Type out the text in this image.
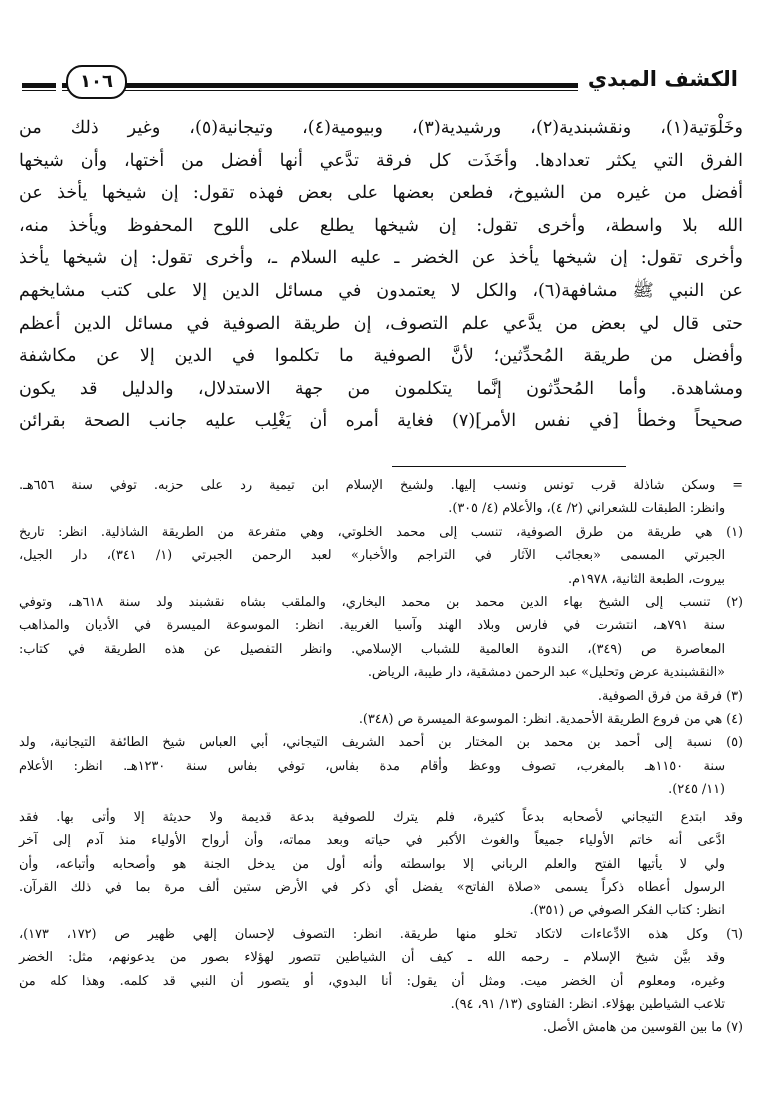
الكشف المبدي
١٠٦

وخَلْوَتية(١)، ونقشبندية(٢)، ورشيدية(٣)، وبيومية(٤)، وتيجانية(٥)، وغير ذلك من

الفرق التي يكثر تعدادها. وأخَذَت كل فرقة تدَّعي أنها أفضل من أختها، وأن شيخها

أفضل من غيره من الشيوخ، فطعن بعضها على بعض فهذه تقول: إن شيخها يأخذ عن

الله بلا واسطة، وأخرى تقول: إن شيخها يطلع على اللوح المحفوظ ويأخذ منه،

وأخرى تقول: إن شيخها يأخذ عن الخضر ـ عليه السلام ـ، وأخرى تقول: إن شيخها يأخذ

عن النبي ﷺ مشافهة(٦)، والكل لا يعتمدون في مسائل الدين إلا على كتب مشايخهم

حتى قال لي بعض من يدَّعي علم التصوف، إن طريقة الصوفية في مسائل الدين أعظم

وأفضل من طريقة المُحدِّثين؛ لأنَّ الصوفية ما تكلموا في الدين إلا عن مكاشفة

ومشاهدة. وأما المُحدِّثون إنَّما يتكلمون من جهة الاستدلال، والدليل قد يكون

صحيحاً وخطأ [في نفس الأمر](٧) فغاية أمره أن يَغْلِب عليه جانب الصحة بقرائن

= وسكن شاذلة قرب تونس ونسب إليها. ولشيخ الإسلام ابن تيمية رد على حزبه. توفي سنة ٦٥٦هـ.

وانظر: الطبقات للشعراني (٢/ ٤)، والأعلام (٤/ ٣٠٥).

(١) هي طريقة من طرق الصوفية، تنسب إلى محمد الخلوتي، وهي متفرعة من الطريقة الشاذلية. انظر: تاريخ

الجبرتي المسمى «بعجائب الآثار في التراجم والأخبار» لعبد الرحمن الجبرتي (١/ ٣٤١)، دار الجيل،

بيروت، الطبعة الثانية، ١٩٧٨م.

(٢) تنسب إلى الشيخ بهاء الدين محمد بن محمد البخاري، والملقب بشاه نقشبند ولد سنة ٦١٨هـ، وتوفي

سنة ٧٩١هـ، انتشرت في فارس وبلاد الهند وآسيا الغربية. انظر: الموسوعة الميسرة في الأديان والمذاهب

المعاصرة ص (٣٤٩)، الندوة العالمية للشباب الإسلامي. وانظر التفصيل عن هذه الطريقة في كتاب:

«النقشبندية عرض وتحليل» عبد الرحمن دمشقية، دار طيبة، الرياض.

(٣) فرقة من فرق الصوفية.

(٤) هي من فروع الطريقة الأحمدية. انظر: الموسوعة الميسرة ص (٣٤٨).

(٥) نسبة إلى أحمد بن محمد بن المختار بن أحمد الشريف التيجاني، أبي العباس شيخ الطائفة التيجانية، ولد

سنة ١١٥٠هـ بالمغرب، تصوف ووعظ وأقام مدة بفاس، توفي بفاس سنة ١٢٣٠هـ. انظر: الأعلام

(١١/ ٢٤٥).

وقد ابتدع التيجاني لأصحابه بدعاً كثيرة، فلم يترك للصوفية بدعة قديمة ولا حديثة إلا وأتى بها. فقد

ادَّعى أنه خاتم الأولياء جميعاً والغوث الأكبر في حياته وبعد مماته، وأن أرواح الأولياء منذ آدم إلى آخر

ولي لا يأتيها الفتح والعلم الرباني إلا بواسطته وأنه أول من يدخل الجنة هو وأصحابه وأتباعه، وأن

الرسول أعطاه ذكراً يسمى «صلاة الفاتح» يفضل أي ذكر في الأرض ستين ألف مرة بما في ذلك القرآن.

انظر: كتاب الفكر الصوفي ص (٣٥١).

(٦) وكل هذه الادِّعاءات لاتكاد تخلو منها طريقة. انظر: التصوف لإحسان إلهي ظهير ص (١٧٢، ١٧٣)،

وقد بيَّن شيخ الإسلام ـ رحمه الله ـ كيف أن الشياطين تتصور لهؤلاء بصور من يدعونهم، مثل: الخضر

وغيره، ومعلوم أن الخضر ميت. ومثل أن يقول: أنا البدوي، أو يتصور أن النبي قد كلمه. وهذا كله من

تلاعب الشياطين بهؤلاء. انظر: الفتاوى (١٣/ ٩١، ٩٤).

(٧) ما بين القوسين من هامش الأصل.
